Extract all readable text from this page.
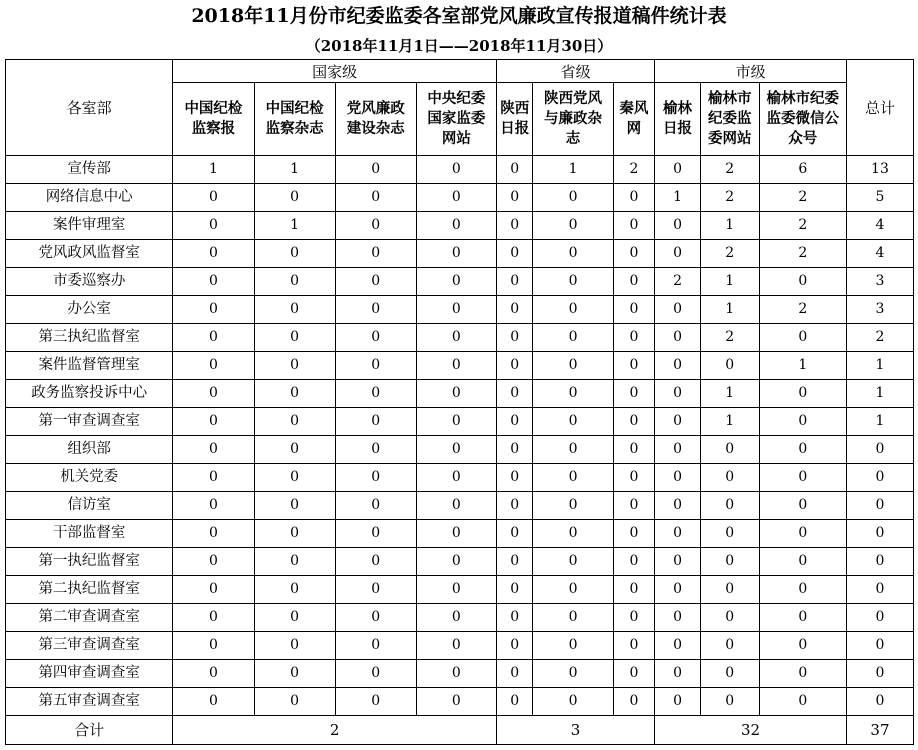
2018年11月份市纪委监委各室部党风廉政宣传报道稿件统计表
（2018年11月1日——2018年11月30日）
各室部	国家级				省级			市级			总计
	中国纪检监察报	中国纪检监察杂志	党风廉政建设杂志	中央纪委国家监委网站	陕西日报	陕西党风与廉政杂志	秦风网	榆林日报	榆林市纪委监委网站	榆林市纪委监委微信公众号	
宣传部	1	1	0	0	0	1	2	0	2	6	13
网络信息中心	0	0	0	0	0	0	0	1	2	2	5
案件审理室	0	1	0	0	0	0	0	0	1	2	4
党风政风监督室	0	0	0	0	0	0	0	0	2	2	4
市委巡察办	0	0	0	0	0	0	0	2	1	0	3
办公室	0	0	0	0	0	0	0	0	1	2	3
第三执纪监督室	0	0	0	0	0	0	0	0	2	0	2
案件监督管理室	0	0	0	0	0	0	0	0	0	1	1
政务监察投诉中心	0	0	0	0	0	0	0	0	1	0	1
第一审查调查室	0	0	0	0	0	0	0	0	1	0	1
组织部	0	0	0	0	0	0	0	0	0	0	0
机关党委	0	0	0	0	0	0	0	0	0	0	0
信访室	0	0	0	0	0	0	0	0	0	0	0
干部监督室	0	0	0	0	0	0	0	0	0	0	0
第一执纪监督室	0	0	0	0	0	0	0	0	0	0	0
第二执纪监督室	0	0	0	0	0	0	0	0	0	0	0
第二审查调查室	0	0	0	0	0	0	0	0	0	0	0
第三审查调查室	0	0	0	0	0	0	0	0	0	0	0
第四审查调查室	0	0	0	0	0	0	0	0	0	0	0
第五审查调查室	0	0	0	0	0	0	0	0	0	0	0
合计	2				3			32			37
